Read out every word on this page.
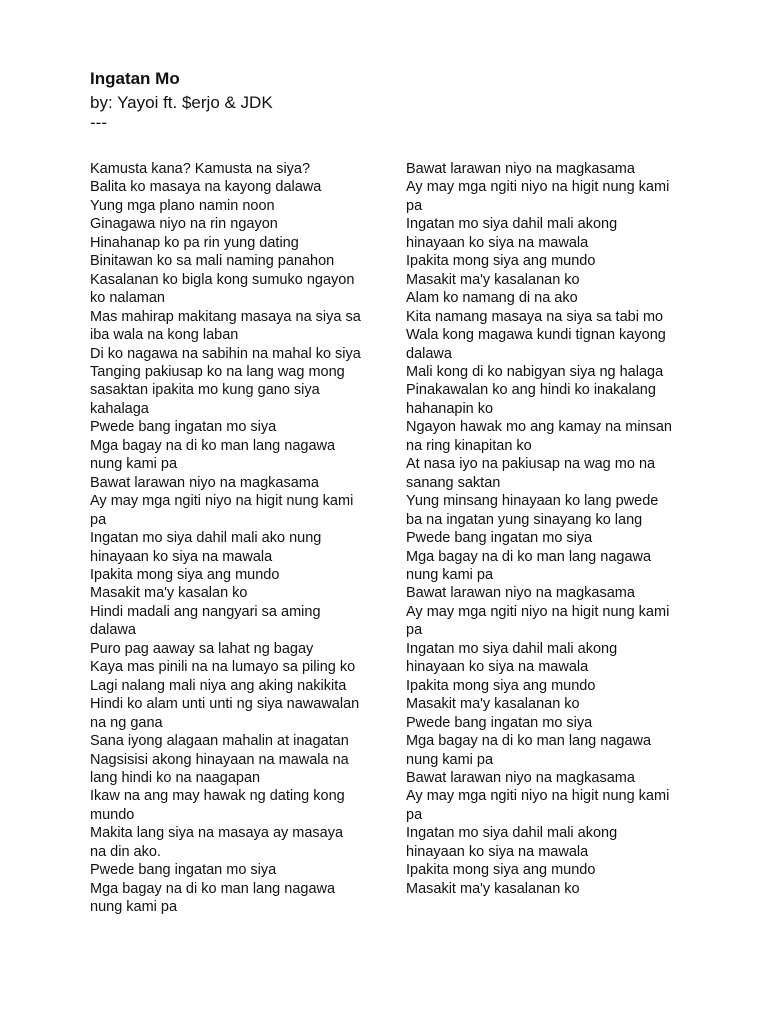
Ingatan Mo
by: Yayoi ft. $erjo & JDK
---
Kamusta kana? Kamusta na siya?
Balita ko masaya na kayong dalawa
Yung mga plano namin noon
Ginagawa niyo na rin ngayon
Hinahanap ko pa rin yung dating
Binitawan ko sa mali naming panahon
Kasalanan ko bigla kong sumuko ngayon
ko nalaman
Mas mahirap makitang masaya na siya sa
iba wala na kong laban
Di ko nagawa na sabihin na mahal ko siya
Tanging pakiusap ko na lang wag mong
sasaktan ipakita mo kung gano siya
kahalaga
Pwede bang ingatan mo siya
Mga bagay na di ko man lang nagawa
nung kami pa
Bawat larawan niyo na magkasama
Ay may mga ngiti niyo na higit nung kami
pa
Ingatan mo siya dahil mali ako nung
hinayaan ko siya na mawala
Ipakita mong siya ang mundo
Masakit ma'y kasalan ko
Hindi madali ang nangyari sa aming
dalawa
Puro pag aaway sa lahat ng bagay
Kaya mas pinili na na lumayo sa piling ko
Lagi nalang mali niya ang aking nakikita
Hindi ko alam unti unti ng siya nawawalan
na ng gana
Sana iyong alagaan mahalin at inagatan
Nagsisisi akong hinayaan na mawala na
lang hindi ko na naagapan
Ikaw na ang may hawak ng dating kong
mundo
Makita lang siya na masaya ay masaya
na din ako.
Pwede bang ingatan mo siya
Mga bagay na di ko man lang nagawa
nung kami pa
Bawat larawan niyo na magkasama
Ay may mga ngiti niyo na higit nung kami
pa
Ingatan mo siya dahil mali akong
hinayaan ko siya na mawala
Ipakita mong siya ang mundo
Masakit ma'y kasalanan ko
Alam ko namang di na ako
Kita namang masaya na siya sa tabi mo
Wala kong magawa kundi tignan kayong
dalawa
Mali kong di ko nabigyan siya ng halaga
Pinakawalan ko ang hindi ko inakalang
hahanapin ko
Ngayon hawak mo ang kamay na minsan
na ring kinapitan ko
At nasa iyo na pakiusap na wag mo na
sanang saktan
Yung minsang hinayaan ko lang pwede
ba na ingatan yung sinayang ko lang
Pwede bang ingatan mo siya
Mga bagay na di ko man lang nagawa
nung kami pa
Bawat larawan niyo na magkasama
Ay may mga ngiti niyo na higit nung kami
pa
Ingatan mo siya dahil mali akong
hinayaan ko siya na mawala
Ipakita mong siya ang mundo
Masakit ma'y kasalanan ko
Pwede bang ingatan mo siya
Mga bagay na di ko man lang nagawa
nung kami pa
Bawat larawan niyo na magkasama
Ay may mga ngiti niyo na higit nung kami
pa
Ingatan mo siya dahil mali akong
hinayaan ko siya na mawala
Ipakita mong siya ang mundo
Masakit ma'y kasalanan ko
